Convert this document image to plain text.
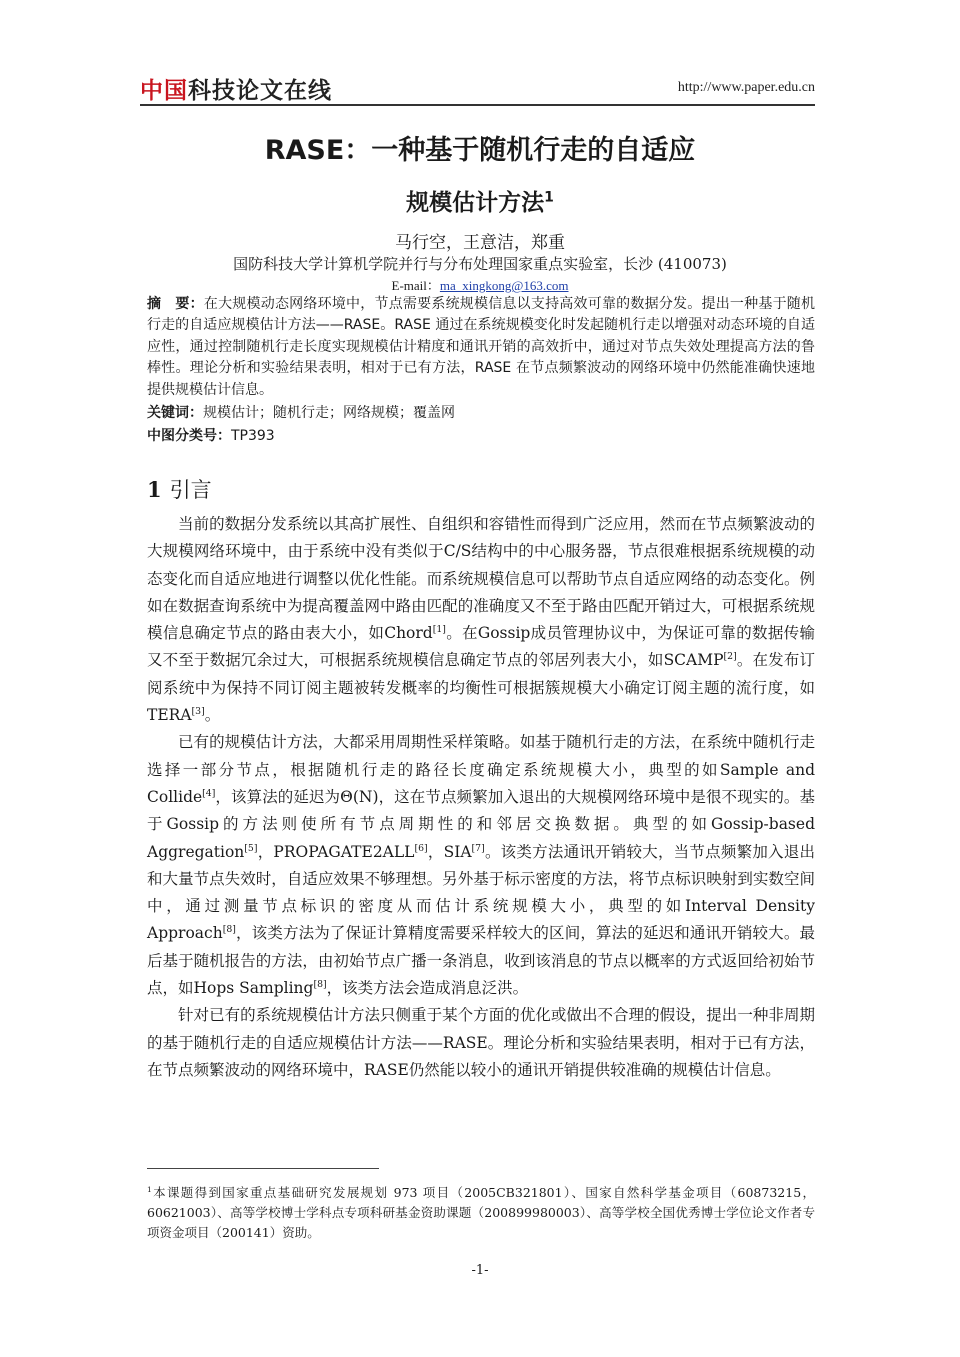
中国科技论文在线	http://www.paper.edu.cn
RASE：一种基于随机行走的自适应
规模估计方法$^1$
马行空，王意洁，郑重
国防科技大学计算机学院并行与分布处理国家重点实验室，长沙 (410073)
E-mail：ma_xingkong@163.com
摘　要：在大规模动态网络环境中，节点需要系统规模信息以支持高效可靠的数据分发。提出一种基于随机行走的自适应规模估计方法——RASE。RASE 通过在系统规模变化时发起随机行走以增强对动态环境的自适应性，通过控制随机行走长度实现规模估计精度和通讯开销的高效折中，通过对节点失效处理提高方法的鲁棒性。理论分析和实验结果表明，相对于已有方法，RASE 在节点频繁波动的网络环境中仍然能准确快速地提供规模估计信息。
关键词：规模估计；随机行走；网络规模；覆盖网
中图分类号：TP393
1 引言

当前的数据分发系统以其高扩展性、自组织和容错性而得到广泛应用，然而在节点频繁波动的大规模网络环境中，由于系统中没有类似于C/S结构中的中心服务器，节点很难根据系统规模的动态变化而自适应地进行调整以优化性能。而系统规模信息可以帮助节点自适应网络的动态变化。例如在数据查询系统中为提高覆盖网中路由匹配的准确度又不至于路由匹配开销过大，可根据系统规模信息确定节点的路由表大小，如Chord[1]。在Gossip成员管理协议中，为保证可靠的数据传输又不至于数据冗余过大，可根据系统规模信息确定节点的邻居列表大小，如SCAMP[2]。在发布订阅系统中为保持不同订阅主题被转发概率的均衡性可根据簇规模大小确定订阅主题的流行度，如TERA[3]。

已有的规模估计方法，大都采用周期性采样策略。如基于随机行走的方法，在系统中随机行走选择一部分节点，根据随机行走的路径长度确定系统规模大小，典型的如Sample and Collide[4]，该算法的延迟为Θ(N)，这在节点频繁加入退出的大规模网络环境中是很不现实的。基于Gossip的方法则使所有节点周期性的和邻居交换数据。典型的如Gossip-based Aggregation[5]，PROPAGATE2ALL[6]，SIA[7]。该类方法通讯开销较大，当节点频繁加入退出和大量节点失效时，自适应效果不够理想。另外基于标示密度的方法，将节点标识映射到实数空间中，通过测量节点标识的密度从而估计系统规模大小，典型的如Interval Density Approach[8]，该类方法为了保证计算精度需要采样较大的区间，算法的延迟和通讯开销较大。最后基于随机报告的方法，由初始节点广播一条消息，收到该消息的节点以概率的方式返回给初始节点，如Hops Sampling[8]，该类方法会造成消息泛洪。

针对已有的系统规模估计方法只侧重于某个方面的优化或做出不合理的假设，提出一种非周期的基于随机行走的自适应规模估计方法——RASE。理论分析和实验结果表明，相对于已有方法，在节点频繁波动的网络环境中，RASE仍然能以较小的通讯开销提供较准确的规模估计信息。

$^1$本课题得到国家重点基础研究发展规划 973 项目（2005CB321801）、国家自然科学基金项目（60873215，60621003）、高等学校博士学科点专项科研基金资助课题（200899980003）、高等学校全国优秀博士学位论文作者专项资金项目（200141）资助。
-1-
